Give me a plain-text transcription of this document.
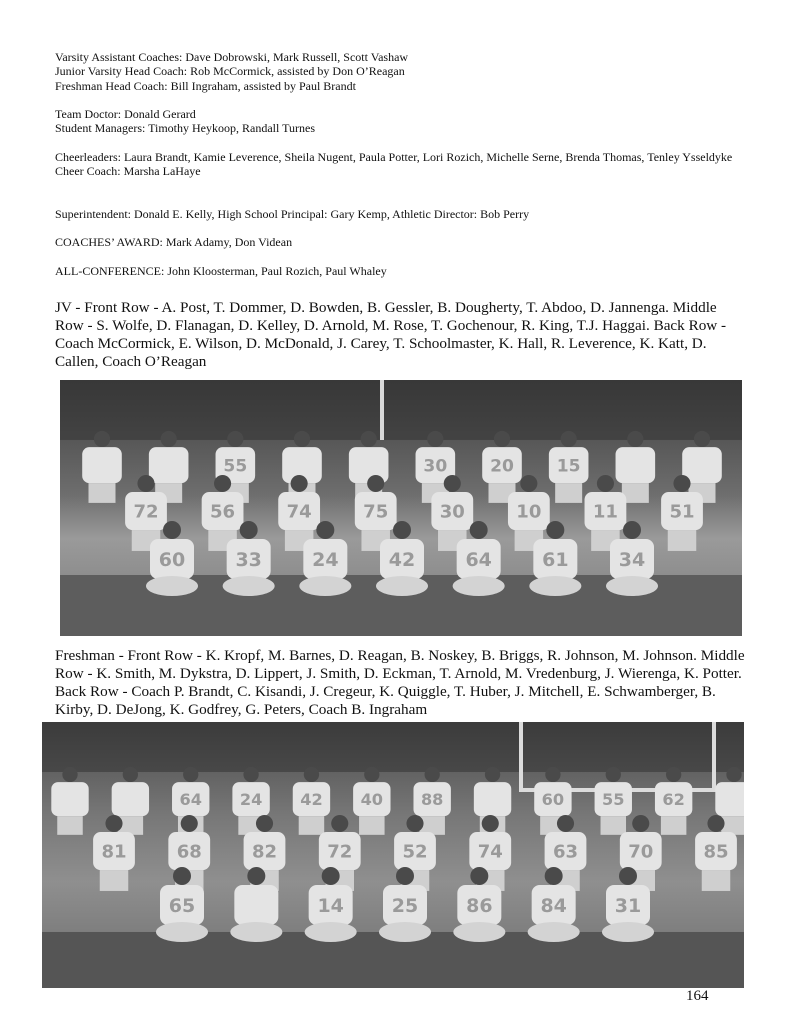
Varsity Assistant Coaches: Dave Dobrowski, Mark Russell, Scott Vashaw

Junior Varsity Head Coach: Rob McCormick, assisted by Don O’Reagan

Freshman Head Coach: Bill Ingraham, assisted by Paul Brandt

Team Doctor: Donald Gerard

Student Managers: Timothy Heykoop, Randall Turnes

Cheerleaders: Laura Brandt, Kamie Leverence, Sheila Nugent, Paula Potter, Lori Rozich, Michelle Serne, Brenda Thomas, Tenley Ysseldyke

Cheer Coach: Marsha LaHaye

Superintendent: Donald E. Kelly, High School Principal: Gary Kemp, Athletic Director: Bob Perry
COACHES’ AWARD: Mark Adamy, Don Videan
ALL-CONFERENCE: John Kloosterman, Paul Rozich, Paul Whaley
JV - Front Row - A. Post, T. Dommer, D. Bowden, B. Gessler, B. Dougherty, T. Abdoo, D. Jannenga. Middle Row - S. Wolfe, D. Flanagan, D. Kelley, D. Arnold, M. Rose, T. Gochenour, R. King, T.J. Haggai. Back Row - Coach McCormick, E. Wilson, D. McDonald, J. Carey, T. Schoolmaster, K. Hall, R. Leverence, K. Katt, D. Callen, Coach O’Reagan
55	30	20	15
72	56	74	75	30	10	11	51
60	33	24	42	64	61	34
Freshman - Front Row - K. Kropf, M. Barnes, D. Reagan, B. Noskey, B. Briggs, R. Johnson, M. Johnson. Middle Row - K. Smith, M. Dykstra, D. Lippert, J. Smith, D. Eckman, T. Arnold, M. Vredenburg, J. Wierenga, K. Potter. Back Row - Coach P. Brandt, C. Kisandi, J. Cregeur, K. Quiggle, T. Huber, J. Mitchell, E. Schwamberger, B. Kirby, D. DeJong, K. Godfrey, G. Peters, Coach B. Ingraham
64 24 42 40 88	60 55 62
81	68	82	72	52	74	63	70	85
65	14	25	86	84	31
164
